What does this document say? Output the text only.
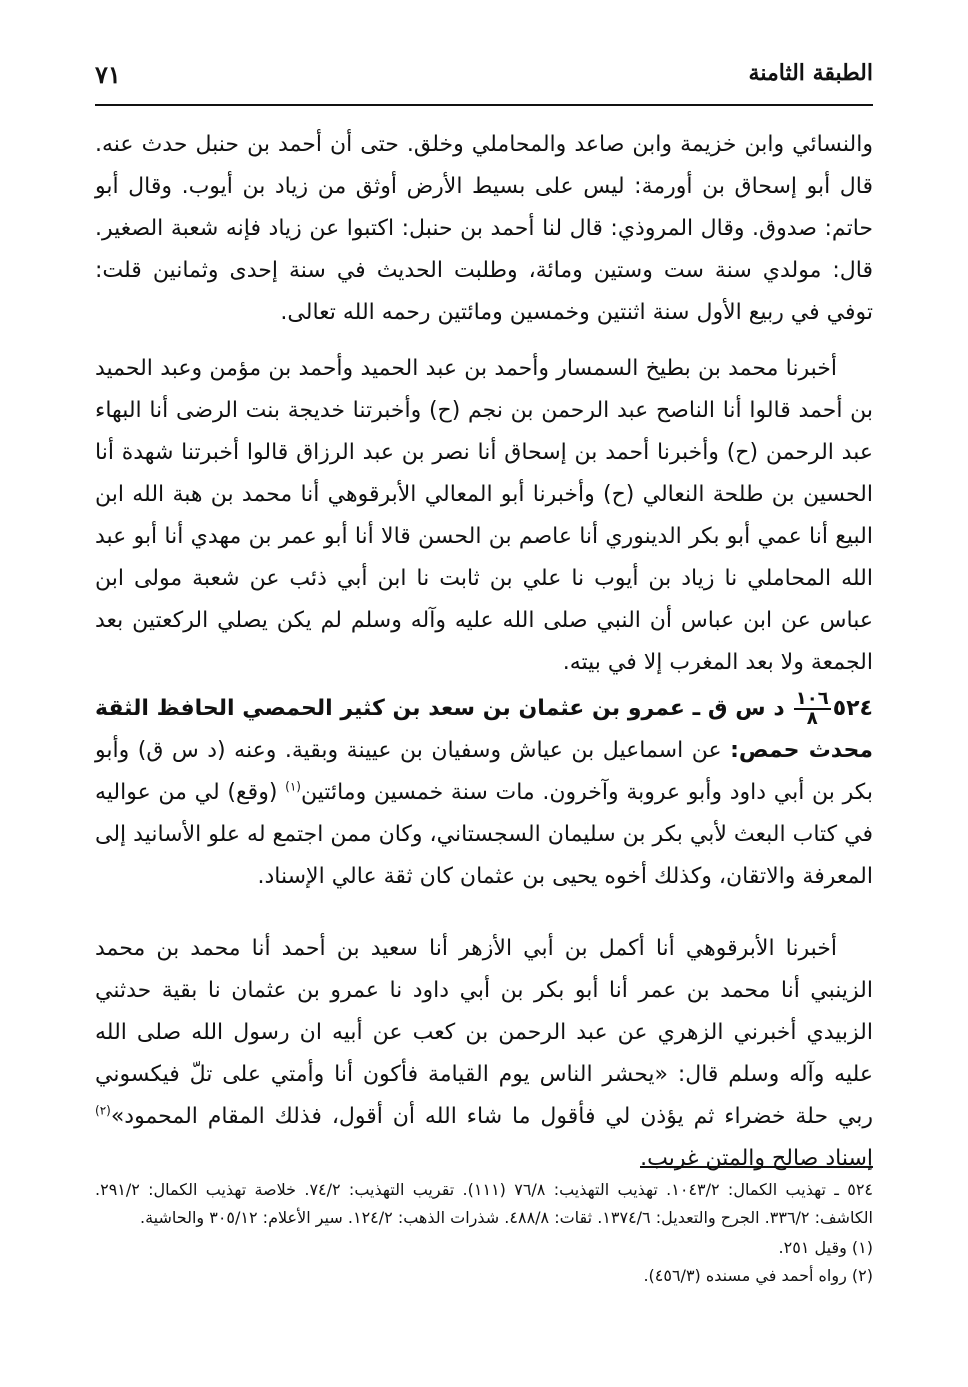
الطبقة الثامنة
٧١

والنسائي وابن خزيمة وابن صاعد والمحاملي وخلق. حتى أن أحمد بن حنبل حدث عنه. قال أبو إسحاق بن أورمة: ليس على بسيط الأرض أوثق من زياد بن أيوب. وقال أبو حاتم: صدوق. وقال المروذي: قال لنا أحمد بن حنبل: اكتبوا عن زياد فإنه شعبة الصغير. قال: مولدي سنة ست وستين ومائة، وطلبت الحديث في سنة إحدى وثمانين قلت: توفي في ربيع الأول سنة اثنتين وخمسين ومائتين رحمه الله تعالى.

أخبرنا محمد بن بطيخ السمسار وأحمد بن عبد الحميد وأحمد بن مؤمن وعبد الحميد بن أحمد قالوا أنا الناصح عبد الرحمن بن نجم (ح) وأخبرتنا خديجة بنت الرضى أنا البهاء عبد الرحمن (ح) وأخبرنا أحمد بن إسحاق أنا نصر بن عبد الرزاق قالوا أخبرتنا شهدة أنا الحسين بن طلحة النعالي (ح) وأخبرنا أبو المعالي الأبرقوهي أنا محمد بن هبة الله ابن البيع أنا عمي أبو بكر الدينوري أنا عاصم بن الحسن قالا أنا أبو عمر بن مهدي أنا أبو عبد الله المحاملي نا زياد بن أيوب نا علي بن ثابت نا ابن أبي ذئب عن شعبة مولى ابن عباس عن ابن عباس أن النبي صلى الله عليه وآله وسلم لم يكن يصلي الركعتين بعد الجمعة ولا بعد المغرب إلا في بيته.

٥٢٤
$\frac{١٠٦}{٨}$
د س ق ـ عمرو بن عثمان بن سعد بن كثير الحمصي الحافظ الثقة محدث حمص: عن اسماعيل بن عياش وسفيان بن عيينة وبقية. وعنه (د س ق) وأبو بكر بن أبي داود وأبو عروبة وآخرون. مات سنة خمسين ومائتين$^{(١)}$ (وقع) لي من عواليه في كتاب البعث لأبي بكر بن سليمان السجستاني، وكان ممن اجتمع له علو الأسانيد إلى المعرفة والاتقان، وكذلك أخوه يحيى بن عثمان كان ثقة عالي الإسناد.

أخبرنا الأبرقوهي أنا أكمل بن أبي الأزهر أنا سعيد بن أحمد أنا محمد بن محمد الزينبي أنا محمد بن عمر أنا أبو بكر بن أبي داود نا عمرو بن عثمان نا بقية حدثني الزبيدي أخبرني الزهري عن عبد الرحمن بن كعب عن أبيه ان رسول الله صلى الله عليه وآله وسلم قال: «يحشر الناس يوم القيامة فأكون أنا وأمتي على تلّ فيكسوني ربي حلة خضراء ثم يؤذن لي فأقول ما شاء الله أن أقول، فذلك المقام المحمود»$^{(٢)}$ إسناد صالح والمتن غريب.

٥٢٤ ـ تهذيب الكمال: ١٠٤٣/٢. تهذيب التهذيب: ٧٦/٨ (١١١). تقريب التهذيب: ٧٤/٢. خلاصة تهذيب الكمال: ٢٩١/٢. الكاشف: ٣٣٦/٢. الجرح والتعديل: ١٣٧٤/٦. ثقات: ٤٨٨/٨. شذرات الذهب: ١٢٤/٢. سير الأعلام: ٣٠٥/١٢ والحاشية.

(١) وقيل ٢٥١.

(٢) رواه أحمد في مسنده (٤٥٦/٣).
